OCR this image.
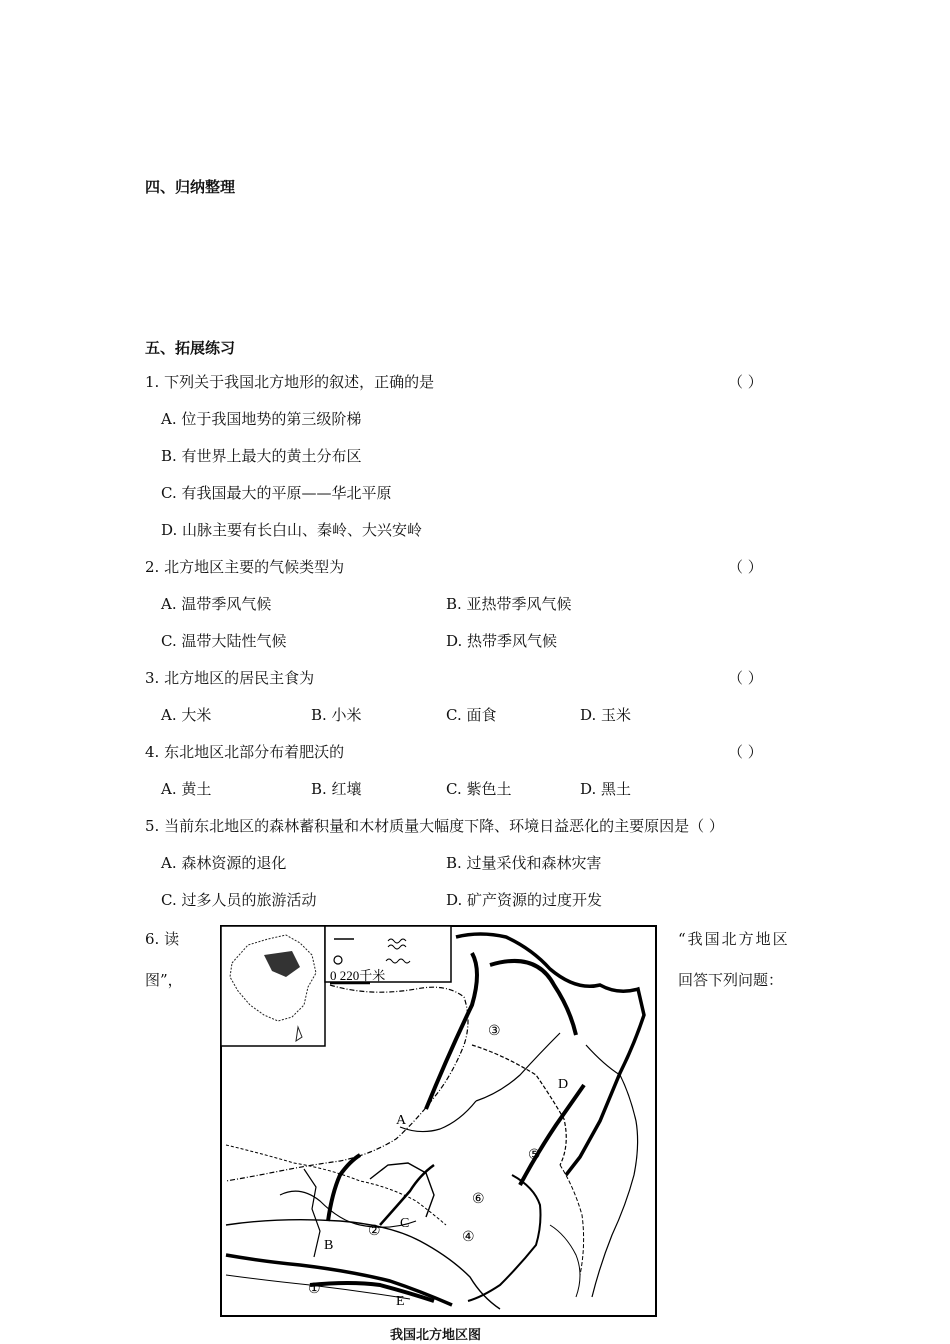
四、归纳整理
五、拓展练习
1. 下列关于我国北方地形的叙述，正确的是	（ ）
A. 位于我国地势的第三级阶梯
B. 有世界上最大的黄土分布区
C. 有我国最大的平原——华北平原
D. 山脉主要有长白山、秦岭、大兴安岭
2. 北方地区主要的气候类型为	（ ）
A. 温带季风气候	B. 亚热带季风气候
C. 温带大陆性气候	D. 热带季风气候
3. 北方地区的居民主食为	（ ）
A. 大米	B. 小米	C. 面食	D. 玉米
4. 东北地区北部分布着肥沃的	（ ）
A. 黄土	B. 红壤	C. 紫色土	D. 黑土
5. 当前东北地区的森林蓄积量和木材质量大幅度下降、环境日益恶化的主要原因是（ ）
A. 森林资源的退化	B. 过量采伐和森林灾害
C. 过多人员的旅游活动	D. 矿产资源的过度开发
6. 读
图”，
“我国北方地区
回答下列问题：
0 220千米
A
B
C
D
E
①
②
③
④
⑤
⑥
我国北方地区图
